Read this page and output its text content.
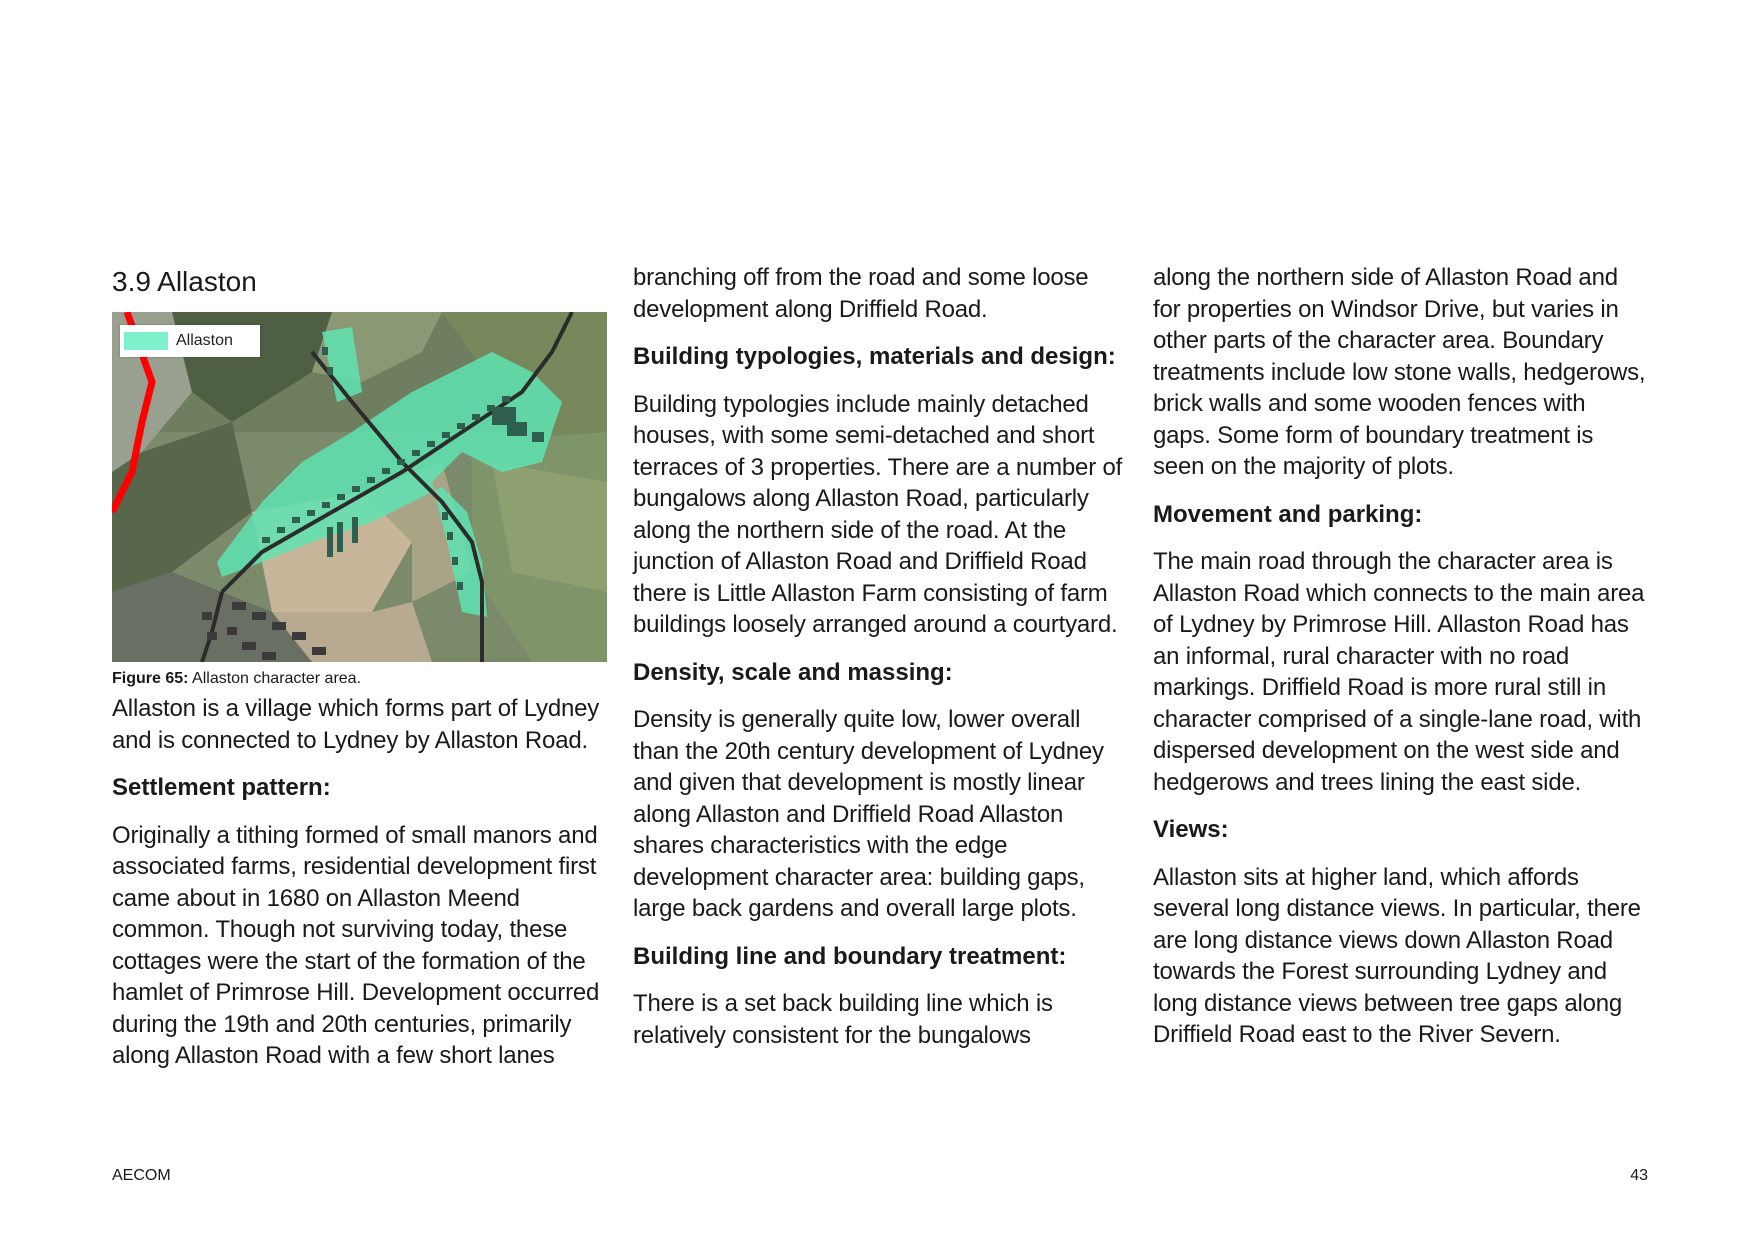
3.9 Allaston
Allaston
Figure 65: Allaston character area.

Allaston is a village which forms part of Lydney and is connected to Lydney by Allaston Road.

Settlement pattern:

Originally a tithing formed of small manors and associated farms, residential development first came about in 1680 on Allaston Meend common. Though not surviving today, these cottages were the start of the formation of the hamlet of Primrose Hill. Development occurred during the 19th and 20th centuries, primarily along Allaston Road with a few short lanes

branching off from the road and some loose development along Driffield Road.

Building typologies, materials and design:

Building typologies include mainly detached houses, with some semi-detached and short terraces of 3 properties. There are a number of bungalows along Allaston Road, particularly along the northern side of the road. At the junction of Allaston Road and Driffield Road there is Little Allaston Farm consisting of farm buildings loosely arranged around a courtyard.

Density, scale and massing:

Density is generally quite low, lower overall than the 20th century development of Lydney and given that development is mostly linear along Allaston and Driffield Road Allaston shares characteristics with the edge development character area: building gaps, large back gardens and overall large plots.

Building line and boundary treatment:

There is a set back building line which is relatively consistent for the bungalows

along the northern side of Allaston Road and for properties on Windsor Drive, but varies in other parts of the character area. Boundary treatments include low stone walls, hedgerows, brick walls and some wooden fences with gaps. Some form of boundary treatment is seen on the majority of plots.

Movement and parking:

The main road through the character area is Allaston Road which connects to the main area of Lydney by Primrose Hill. Allaston Road has an informal, rural character with no road markings. Driffield Road is more rural still in character comprised of a single-lane road, with dispersed development on the west side and hedgerows and trees lining the east side.

Views:

Allaston sits at higher land, which affords several long distance views. In particular, there are long distance views down Allaston Road towards the Forest surrounding Lydney and long distance views between tree gaps along Driffield Road east to the River Severn.

AECOM	43
